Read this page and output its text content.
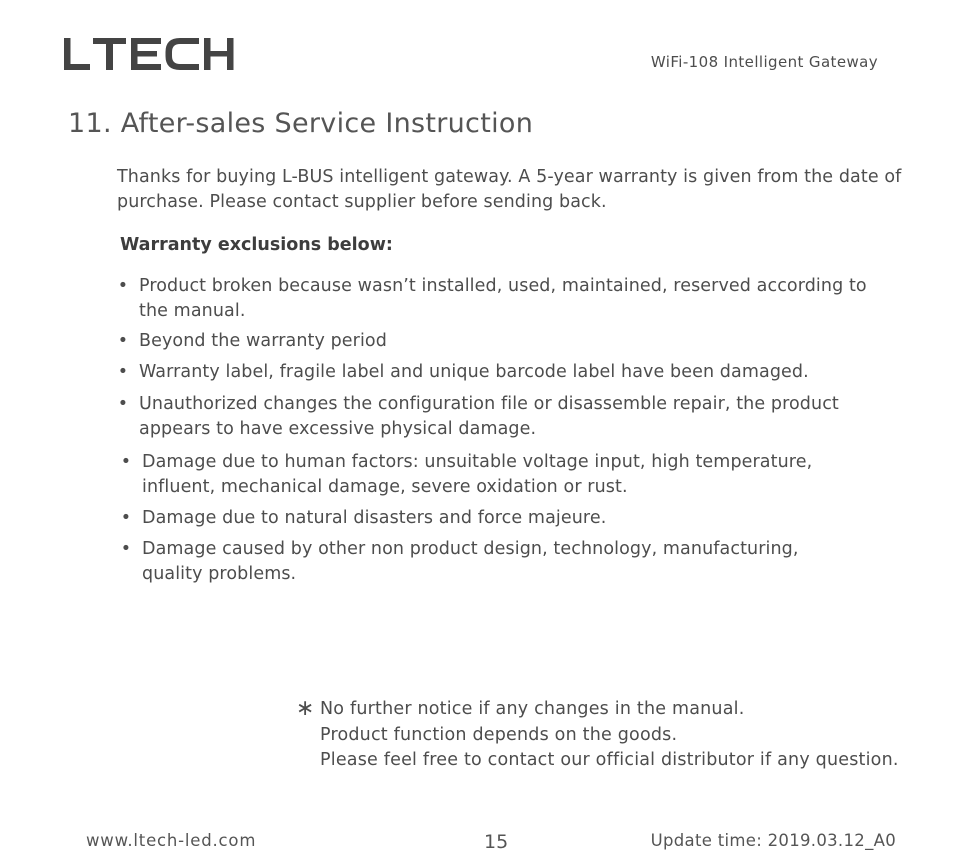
WiFi-108 Intelligent Gateway
11. After-sales Service Instruction

Thanks for buying L-BUS intelligent gateway. A 5-year warranty is given from the date of purchase. Please contact supplier before sending back.

Warranty exclusions below:

• Product broken because wasn’t installed, used, maintained, reserved according to the manual.
• Beyond the warranty period
• Warranty label, fragile label and unique barcode label have been damaged.
• Unauthorized changes the configuration file or disassemble repair, the product appears to have excessive physical damage.
• Damage due to human factors: unsuitable voltage input, high temperature, influent, mechanical damage, severe oxidation or rust.
• Damage due to natural disasters and force majeure.
• Damage caused by other non product design, technology, manufacturing, quality problems.
∗ No further notice if any changes in the manual.
Product function depends on the goods.
Please feel free to contact our official distributor if any question.
www.ltech-led.com	15	Update time: 2019.03.12_A0
